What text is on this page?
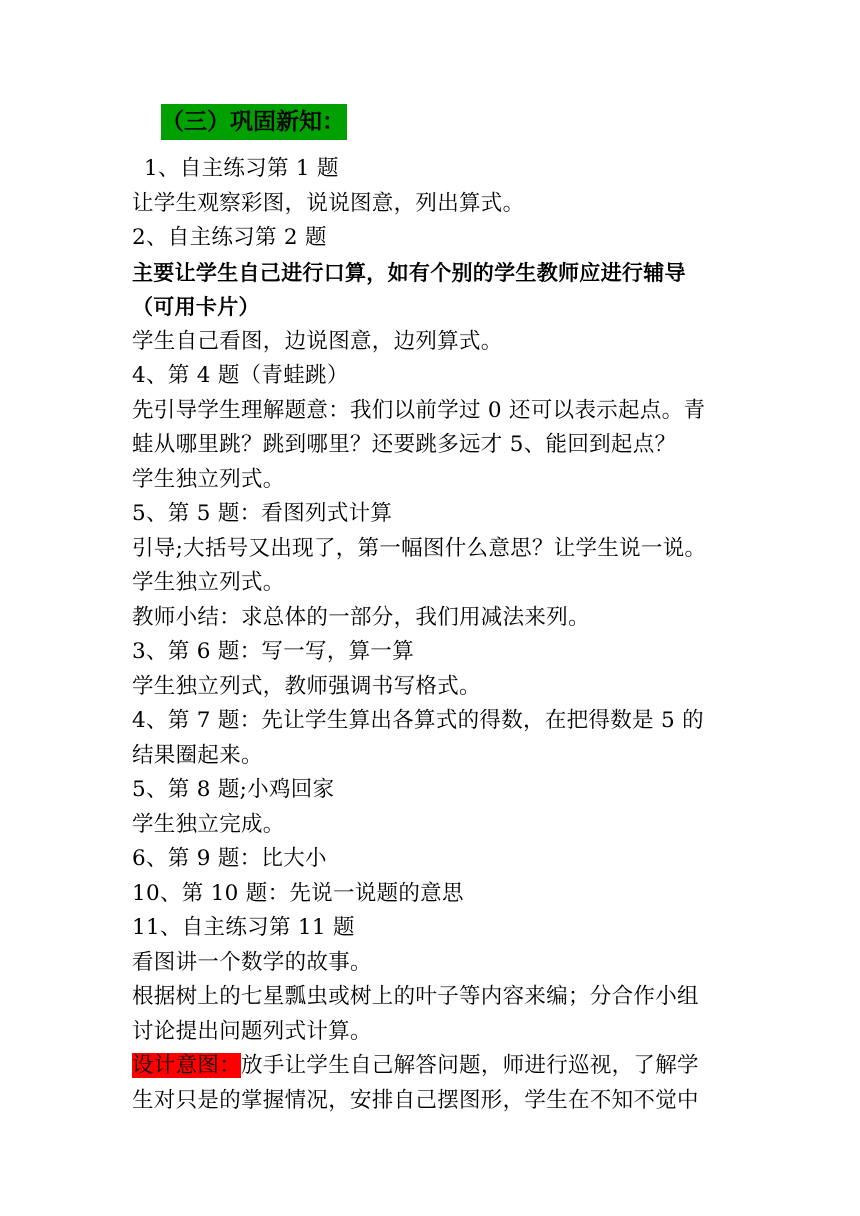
（三）巩固新知：
1、自主练习第 1 题
让学生观察彩图，说说图意，列出算式。
2、自主练习第 2 题
主要让学生自己进行口算，如有个别的学生教师应进行辅导
（可用卡片）
学生自己看图，边说图意，边列算式。
4、第 4 题（青蛙跳）
先引导学生理解题意：我们以前学过 0 还可以表示起点。青
蛙从哪里跳？跳到哪里？还要跳多远才 5、能回到起点？
学生独立列式。
5、第 5 题：看图列式计算
引导;大括号又出现了，第一幅图什么意思？让学生说一说。
学生独立列式。
教师小结：求总体的一部分，我们用减法来列。
3、第 6 题：写一写，算一算
学生独立列式，教师强调书写格式。
4、第 7 题：先让学生算出各算式的得数，在把得数是 5 的
结果圈起来。
5、第 8 题;小鸡回家
学生独立完成。
6、第 9 题：比大小
10、第 10 题：先说一说题的意思
11、自主练习第 11 题
看图讲一个数学的故事。
根据树上的七星瓢虫或树上的叶子等内容来编；分合作小组
讨论提出问题列式计算。
设计意图：放手让学生自己解答问题，师进行巡视，了解学
生对只是的掌握情况，安排自己摆图形，学生在不知不觉中
